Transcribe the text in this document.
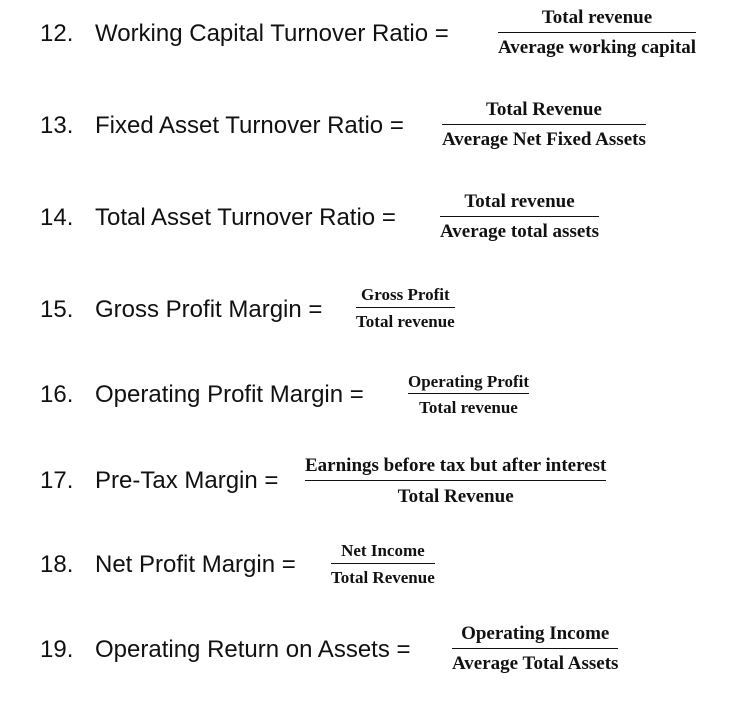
12. Working Capital Turnover Ratio =
Total revenue
Average working capital
13. Fixed Asset Turnover Ratio =
Total Revenue
Average Net Fixed Assets
14. Total Asset Turnover Ratio =
Total revenue
Average total assets
15. Gross Profit Margin =
Gross Profit
Total revenue
16. Operating Profit Margin =	Operating Profit
Total revenue
17. Pre-Tax Margin =
Earnings before tax but after interest
Total Revenue
18. Net Profit Margin =
Net Income
Total Revenue
19. Operating Return on Assets =
Operating Income
Average Total Assets
